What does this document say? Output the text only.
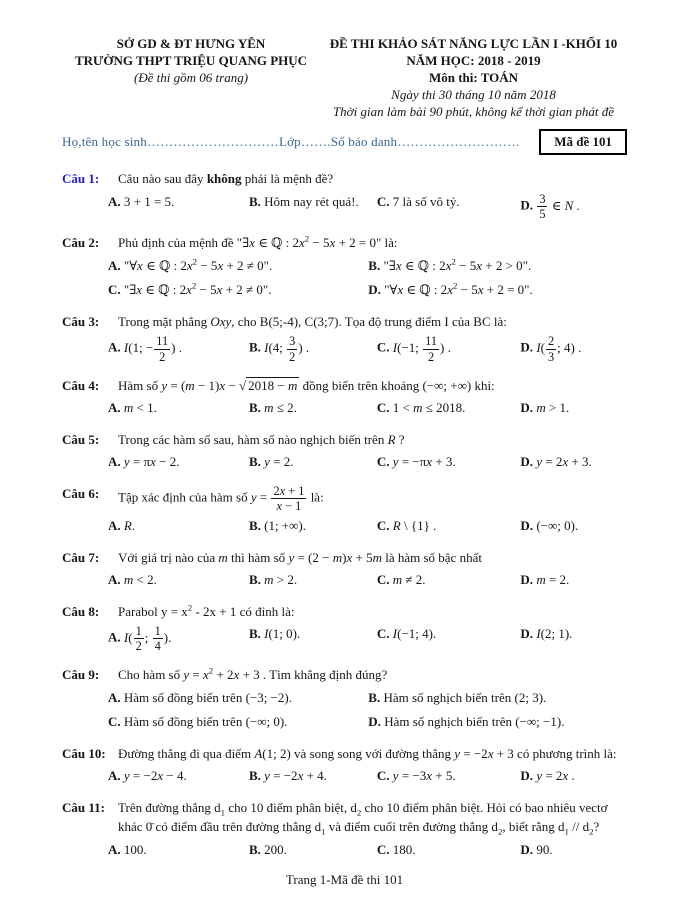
SỞ GD & ĐT HƯNG YÊN
TRƯỜNG THPT TRIỆU QUANG PHỤC
(Đề thi gồm 06 trang)
ĐỀ THI KHẢO SÁT NĂNG LỰC LẦN I -KHỐI 10
NĂM HỌC: 2018 - 2019
Môn thi: TOÁN
Ngày thi 30 tháng 10 năm 2018
Thời gian làm bài 90 phút, không kể thời gian phát đề
Họ,tên học sinh…………………………Lớp…….Số báo danh……………………….	Mã đề 101
Câu 1:	Câu nào sau đây không phải là mệnh đề?
A. 3 + 1 = 5.	B. Hôm nay rét quá!.	C. 7 là số vô tỷ.	D. $\frac{3}{5}$ ∈ N .
Câu 2:	Phủ định của mệnh đề "∃x ∈ ℚ : $2x^2 - 5x + 2 = 0$" là:
A. "∀x ∈ ℚ : $2x^2 - 5x + 2 \ne 0$".	B. "∃x ∈ ℚ : $2x^2 - 5x + 2 > 0$".
C. "∃x ∈ ℚ : $2x^2 - 5x + 2 \ne 0$".	D. "∀x ∈ ℚ : $2x^2 - 5x + 2 = 0$".
Câu 3:	Trong mặt phẳng Oxy, cho B(5;-4), C(3;7). Tọa độ trung điểm I của BC là:
A. I(1; − $\frac{11}{2}$ ) .	B. I(4; $\frac{3}{2}$ ) .	C. I(−1; $\frac{11}{2}$ ) .	D. $I( \frac{2}{3}$ ; 4) .
Câu 4:	Hàm số y = (m − 1)x − √ 2018 − m đồng biến trên khoảng (−∞; +∞) khi:
A. m < 1.	B. m ≤ 2.	C. 1 < m ≤ 2018.	D. m > 1.
Câu 5:	Trong các hàm số sau, hàm số nào nghịch biến trên R ?
A. y = πx − 2.	B. y = 2.	C. y = −πx + 3.	D. y = 2x + 3.
Câu 6:	Tập xác định của hàm số $y = \frac{2x + 1}{x - 1}$ là:
A. R.	B. (1; +∞).	C. R \ {1} .	D. (−∞; 0).
Câu 7:	Với giá trị nào của m thì hàm số y = (2 − m)x + 5m là hàm số bậc nhất
A. m < 2.	B. m > 2.	C. m ≠ 2.	D. m = 2.
Câu 8:	Parabol $y = x^2 - 2x + 1$ có đỉnh là:
A. $I( \frac{1}{2}$ ; $\frac{1}{4}$ ).	B. I(1; 0).	C. I(−1; 4).	D. I(2; 1).
Câu 9:	Cho hàm số $y = x^2 + 2x + 3$ . Tìm khẳng định đúng?
A. Hàm số đồng biến trên (−3; −2).	B. Hàm số nghịch biến trên (2; 3).
C. Hàm số đồng biến trên (−∞; 0).	D. Hàm số nghịch biến trên (−∞; −1).
Câu 10: Đường thẳng đi qua điểm A(1; 2) và song song với đường thẳng y = −2x + 3 có phương trình là:
A. y = −2x − 4.	B. y = −2x + 4.	C. y = −3x + 5.	D. y = 2x .
Câu 11:	Trên đường thẳng $d_1$ cho 10 điểm phân biệt, $d_2$ cho 10 điểm phân biệt. Hỏi có bao nhiêu vectơ khác 0̄ có điểm đầu trên đường thẳng $d_1$ và điểm cuối trên đường thẳng $d_2$, biết rằng $d_1 // d_2$?
A. 100.	B. 200.	C. 180.	D. 90.
Trang 1-Mã đề thi 101
